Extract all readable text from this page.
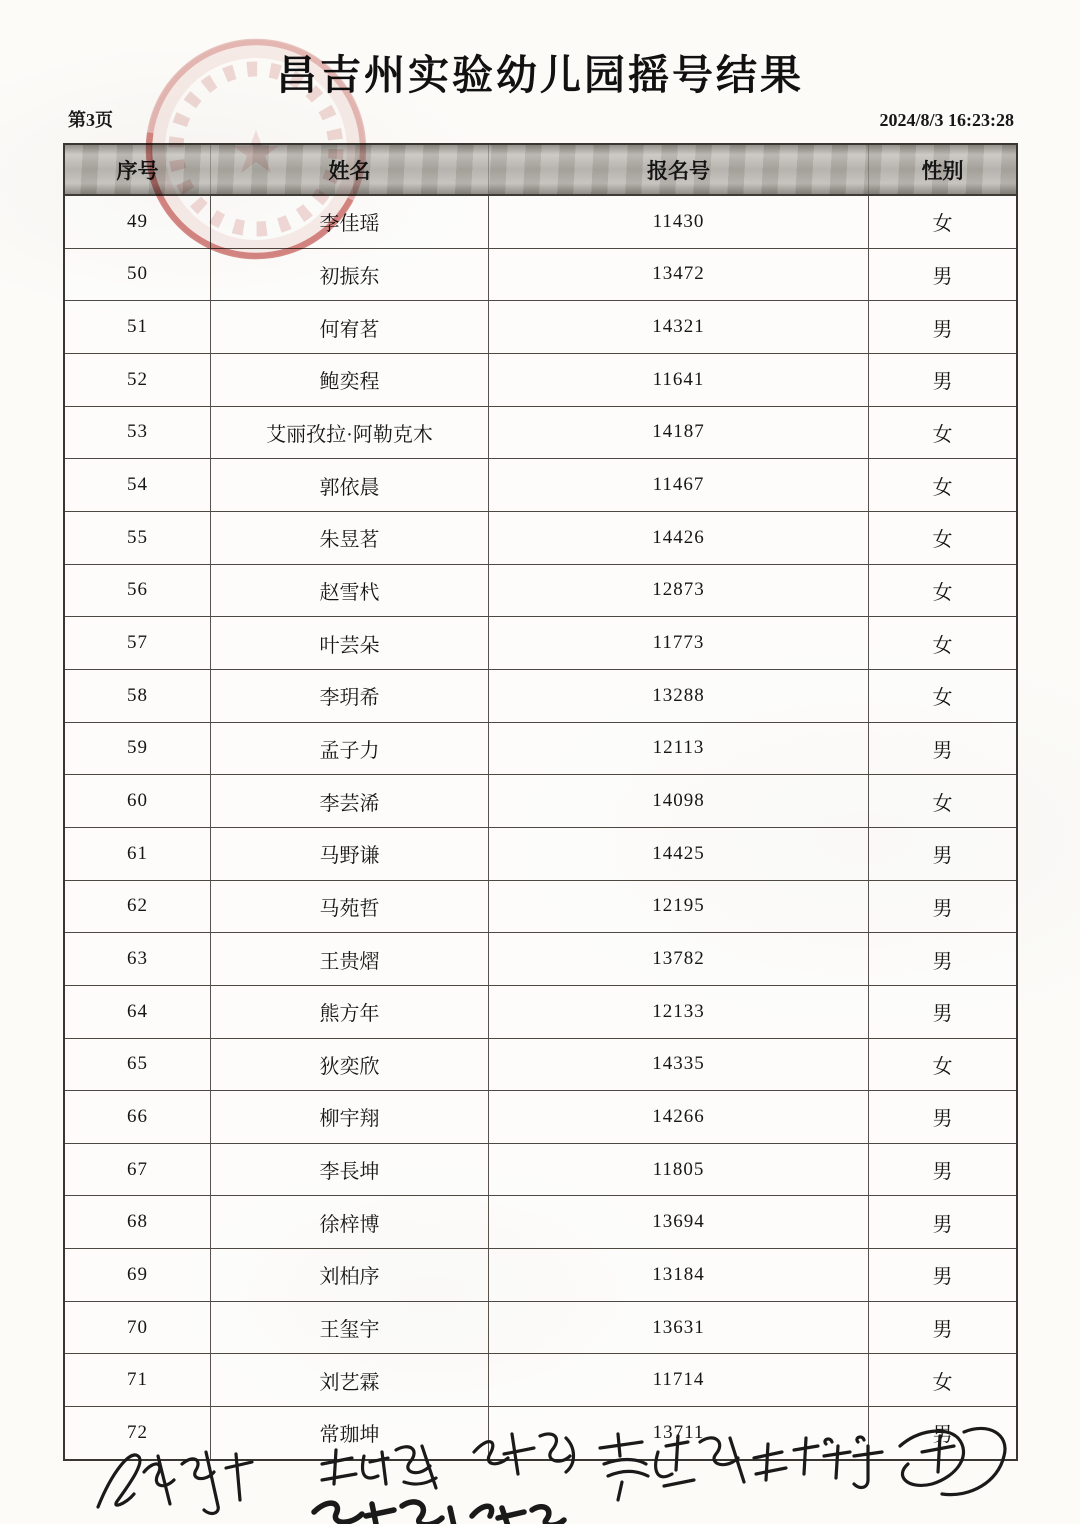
昌吉州实验幼儿园摇号结果
第3页	2024/8/3 16:23:28
序号	姓名	报名号	性别
49	李佳瑶	11430	女
50	初振东	13472	男
51	何宥茗	14321	男
52	鲍奕程	11641	男
53	艾丽孜拉·阿勒克木	14187	女
54	郭依晨	11467	女
55	朱昱茗	14426	女
56	赵雪杙	12873	女
57	叶芸朵	11773	女
58	李玥希	13288	女
59	孟子力	12113	男
60	李芸浠	14098	女
61	马野谦	14425	男
62	马苑哲	12195	男
63	王贵熠	13782	男
64	熊方年	12133	男
65	狄奕欣	14335	女
66	柳宇翔	14266	男
67	李長坤	11805	男
68	徐梓博	13694	男
69	刘柏序	13184	男
70	王玺宇	13631	男
71	刘艺霖	11714	女
72	常珈坤	13711	男
